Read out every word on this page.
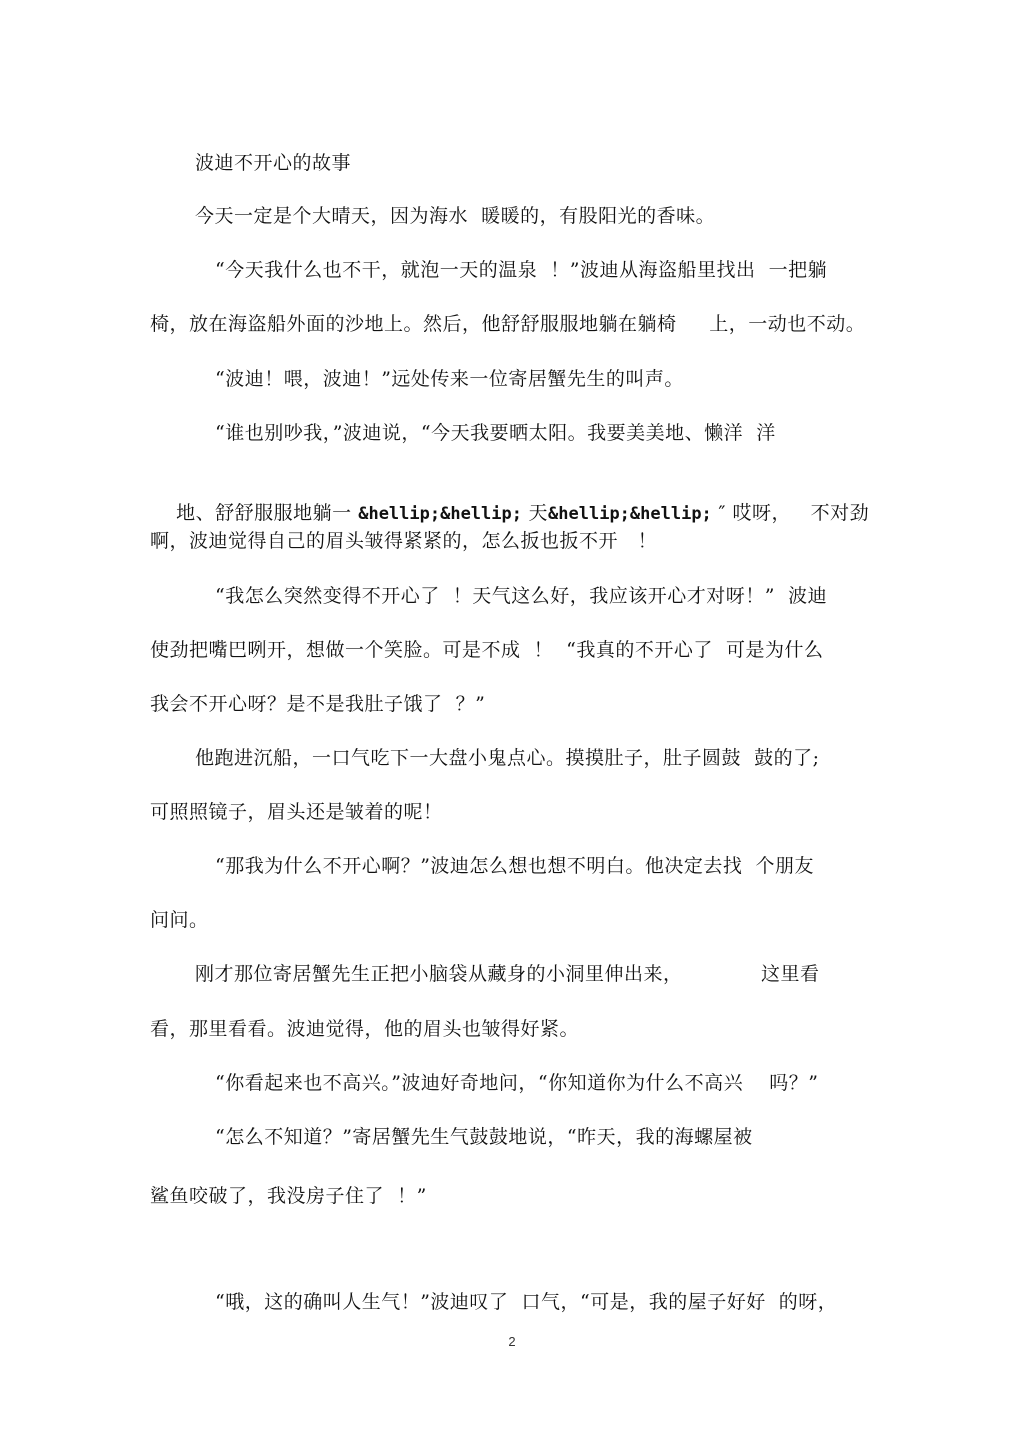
波迪不开心的故事
今天一定是个大晴天，因为海水  暖暖的，有股阳光的香味。
“今天我什么也不干，就泡一天的温泉  ！”波迪从海盗船里找出  一把躺
椅，放在海盗船外面的沙地上。然后，他舒舒服服地躺在躺椅     上，一动也不动。
“波迪！喂，波迪！”远处传来一位寄居蟹先生的叫声。
“谁也别吵我，”波迪说，“今天我要晒太阳。我要美美地、懒洋  洋

地、舒舒服服地躺一 &hellip;&hellip; 天&hellip;&hellip; ″ 哎呀，   不对劲

啊，波迪觉得自己的眉头皱得紧紧的，怎么扳也扳不开   ！
“我怎么突然变得不开心了  ！天气这么好，我应该开心才对呀！”  波迪
使劲把嘴巴咧开，想做一个笑脸。可是不成  ！  “我真的不开心了  可是为什么
我会不开心呀？是不是我肚子饿了  ？”
他跑进沉船，一口气吃下一大盘小鬼点心。摸摸肚子，肚子圆鼓  鼓的了;
可照照镜子，眉头还是皱着的呢！
“那我为什么不开心啊？”波迪怎么想也想不明白。他决定去找  个朋友
问问。
刚才那位寄居蟹先生正把小脑袋从藏身的小洞里伸出来，            这里看
看，那里看看。波迪觉得，他的眉头也皱得好紧。
“你看起来也不高兴。”波迪好奇地问，“你知道你为什么不高兴    吗？”
“怎么不知道？”寄居蟹先生气鼓鼓地说，“昨天，我的海螺屋被
鲨鱼咬破了，我没房子住了  ！”
“哦，这的确叫人生气！”波迪叹了  口气，“可是，我的屋子好好  的呀，
2
